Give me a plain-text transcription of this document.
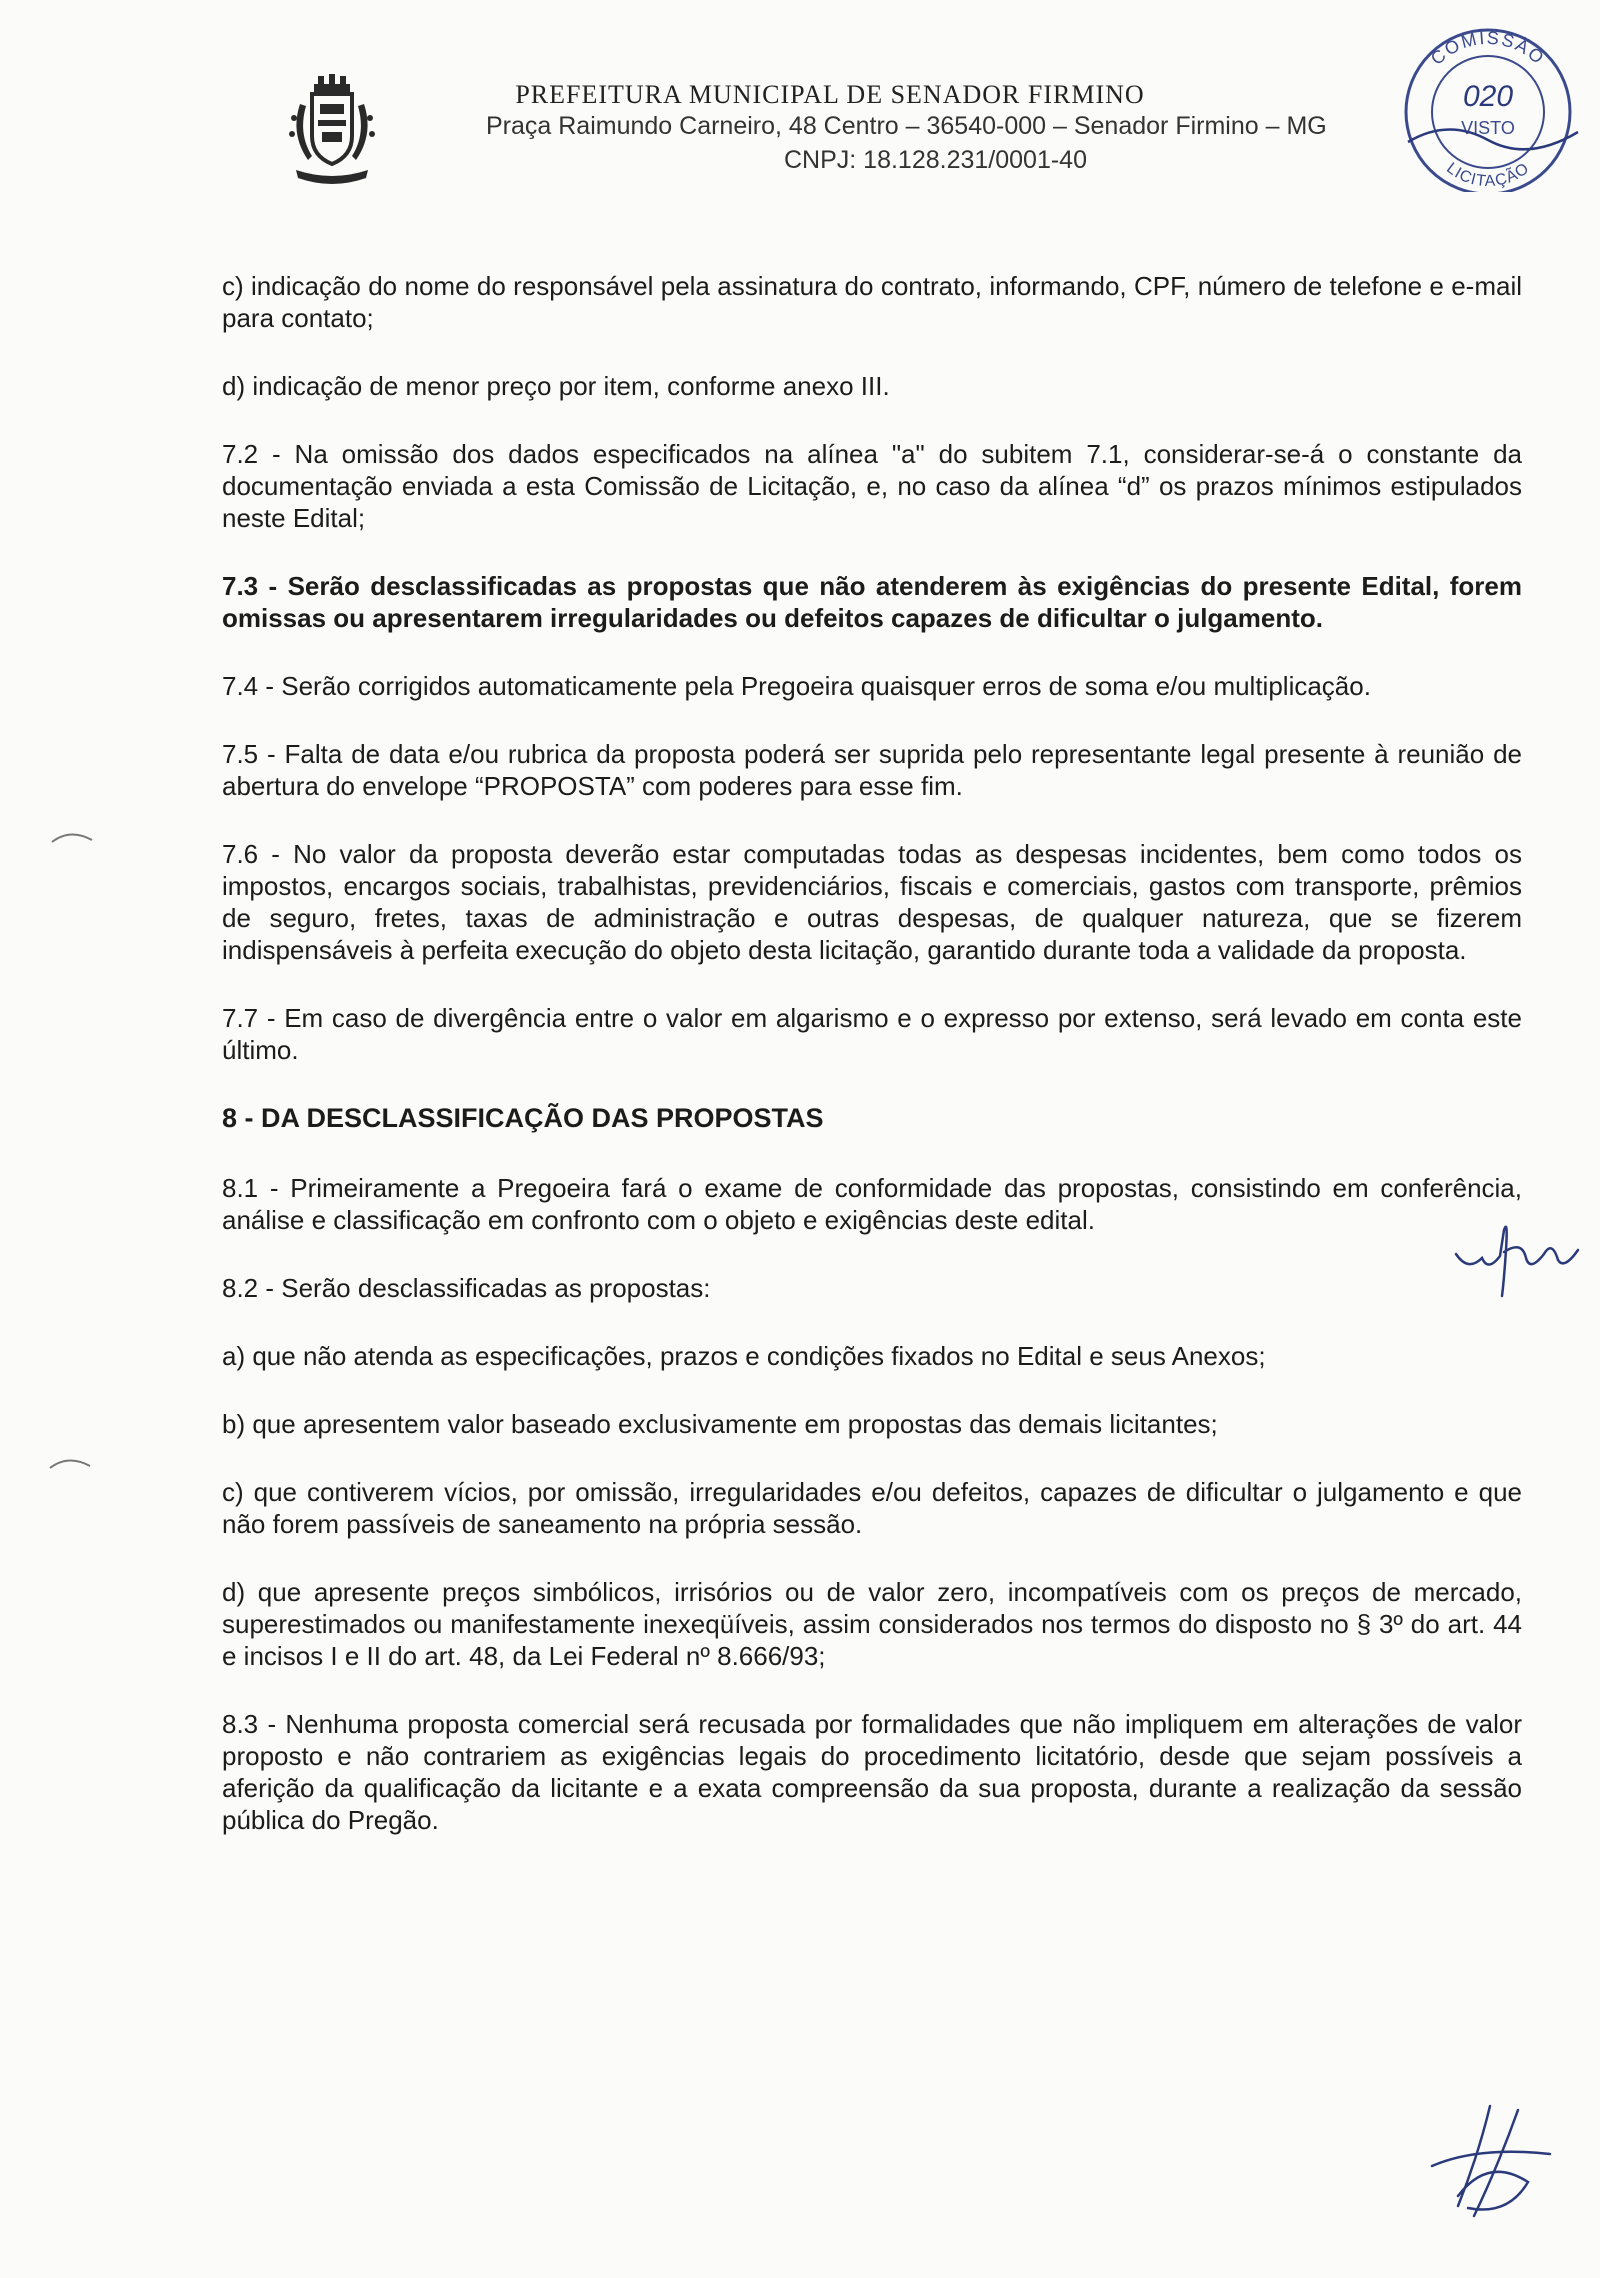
PREFEITURA MUNICIPAL DE SENADOR FIRMINO
Praça Raimundo Carneiro, 48 Centro – 36540-000 – Senador Firmino – MG
CNPJ: 18.128.231/0001-40
COMISSÃO
020
VISTO
LICITAÇÃO

c) indicação do nome do responsável pela assinatura do contrato, informando, CPF, número de telefone e e-mail para contato;

d) indicação de menor preço por item, conforme anexo III.

7.2 - Na omissão dos dados especificados na alínea "a" do subitem 7.1, considerar-se-á o constante da documentação enviada a esta Comissão de Licitação, e, no caso da alínea “d” os prazos mínimos estipulados neste Edital;

7.3 - Serão desclassificadas as propostas que não atenderem às exigências do presente Edital, forem omissas ou apresentarem irregularidades ou defeitos capazes de dificultar o julgamento.

7.4 - Serão corrigidos automaticamente pela Pregoeira quaisquer erros de soma e/ou multiplicação.

7.5 - Falta de data e/ou rubrica da proposta poderá ser suprida pelo representante legal presente à reunião de abertura do envelope “PROPOSTA” com poderes para esse fim.

7.6 - No valor da proposta deverão estar computadas todas as despesas incidentes, bem como todos os impostos, encargos sociais, trabalhistas, previdenciários, fiscais e comerciais, gastos com transporte, prêmios de seguro, fretes, taxas de administração e outras despesas, de qualquer natureza, que se fizerem indispensáveis à perfeita execução do objeto desta licitação, garantido durante toda a validade da proposta.

7.7 - Em caso de divergência entre o valor em algarismo e o expresso por extenso, será levado em conta este último.

8 - DA DESCLASSIFICAÇÃO DAS PROPOSTAS

8.1 - Primeiramente a Pregoeira fará o exame de conformidade das propostas, consistindo em conferência, análise e classificação em confronto com o objeto e exigências deste edital.

8.2 - Serão desclassificadas as propostas:

a) que não atenda as especificações, prazos e condições fixados no Edital e seus Anexos;

b) que apresentem valor baseado exclusivamente em propostas das demais licitantes;

c) que contiverem vícios, por omissão, irregularidades e/ou defeitos, capazes de dificultar o julgamento e que não forem passíveis de saneamento na própria sessão.

d) que apresente preços simbólicos, irrisórios ou de valor zero, incompatíveis com os preços de mercado, superestimados ou manifestamente inexeqüíveis, assim considerados nos termos do disposto no § 3º do art. 44 e incisos I e II do art. 48, da Lei Federal nº 8.666/93;

8.3 - Nenhuma proposta comercial será recusada por formalidades que não impliquem em alterações de valor proposto e não contrariem as exigências legais do procedimento licitatório, desde que sejam possíveis a aferição da qualificação da licitante e a exata compreensão da sua proposta, durante a realização da sessão pública do Pregão.
